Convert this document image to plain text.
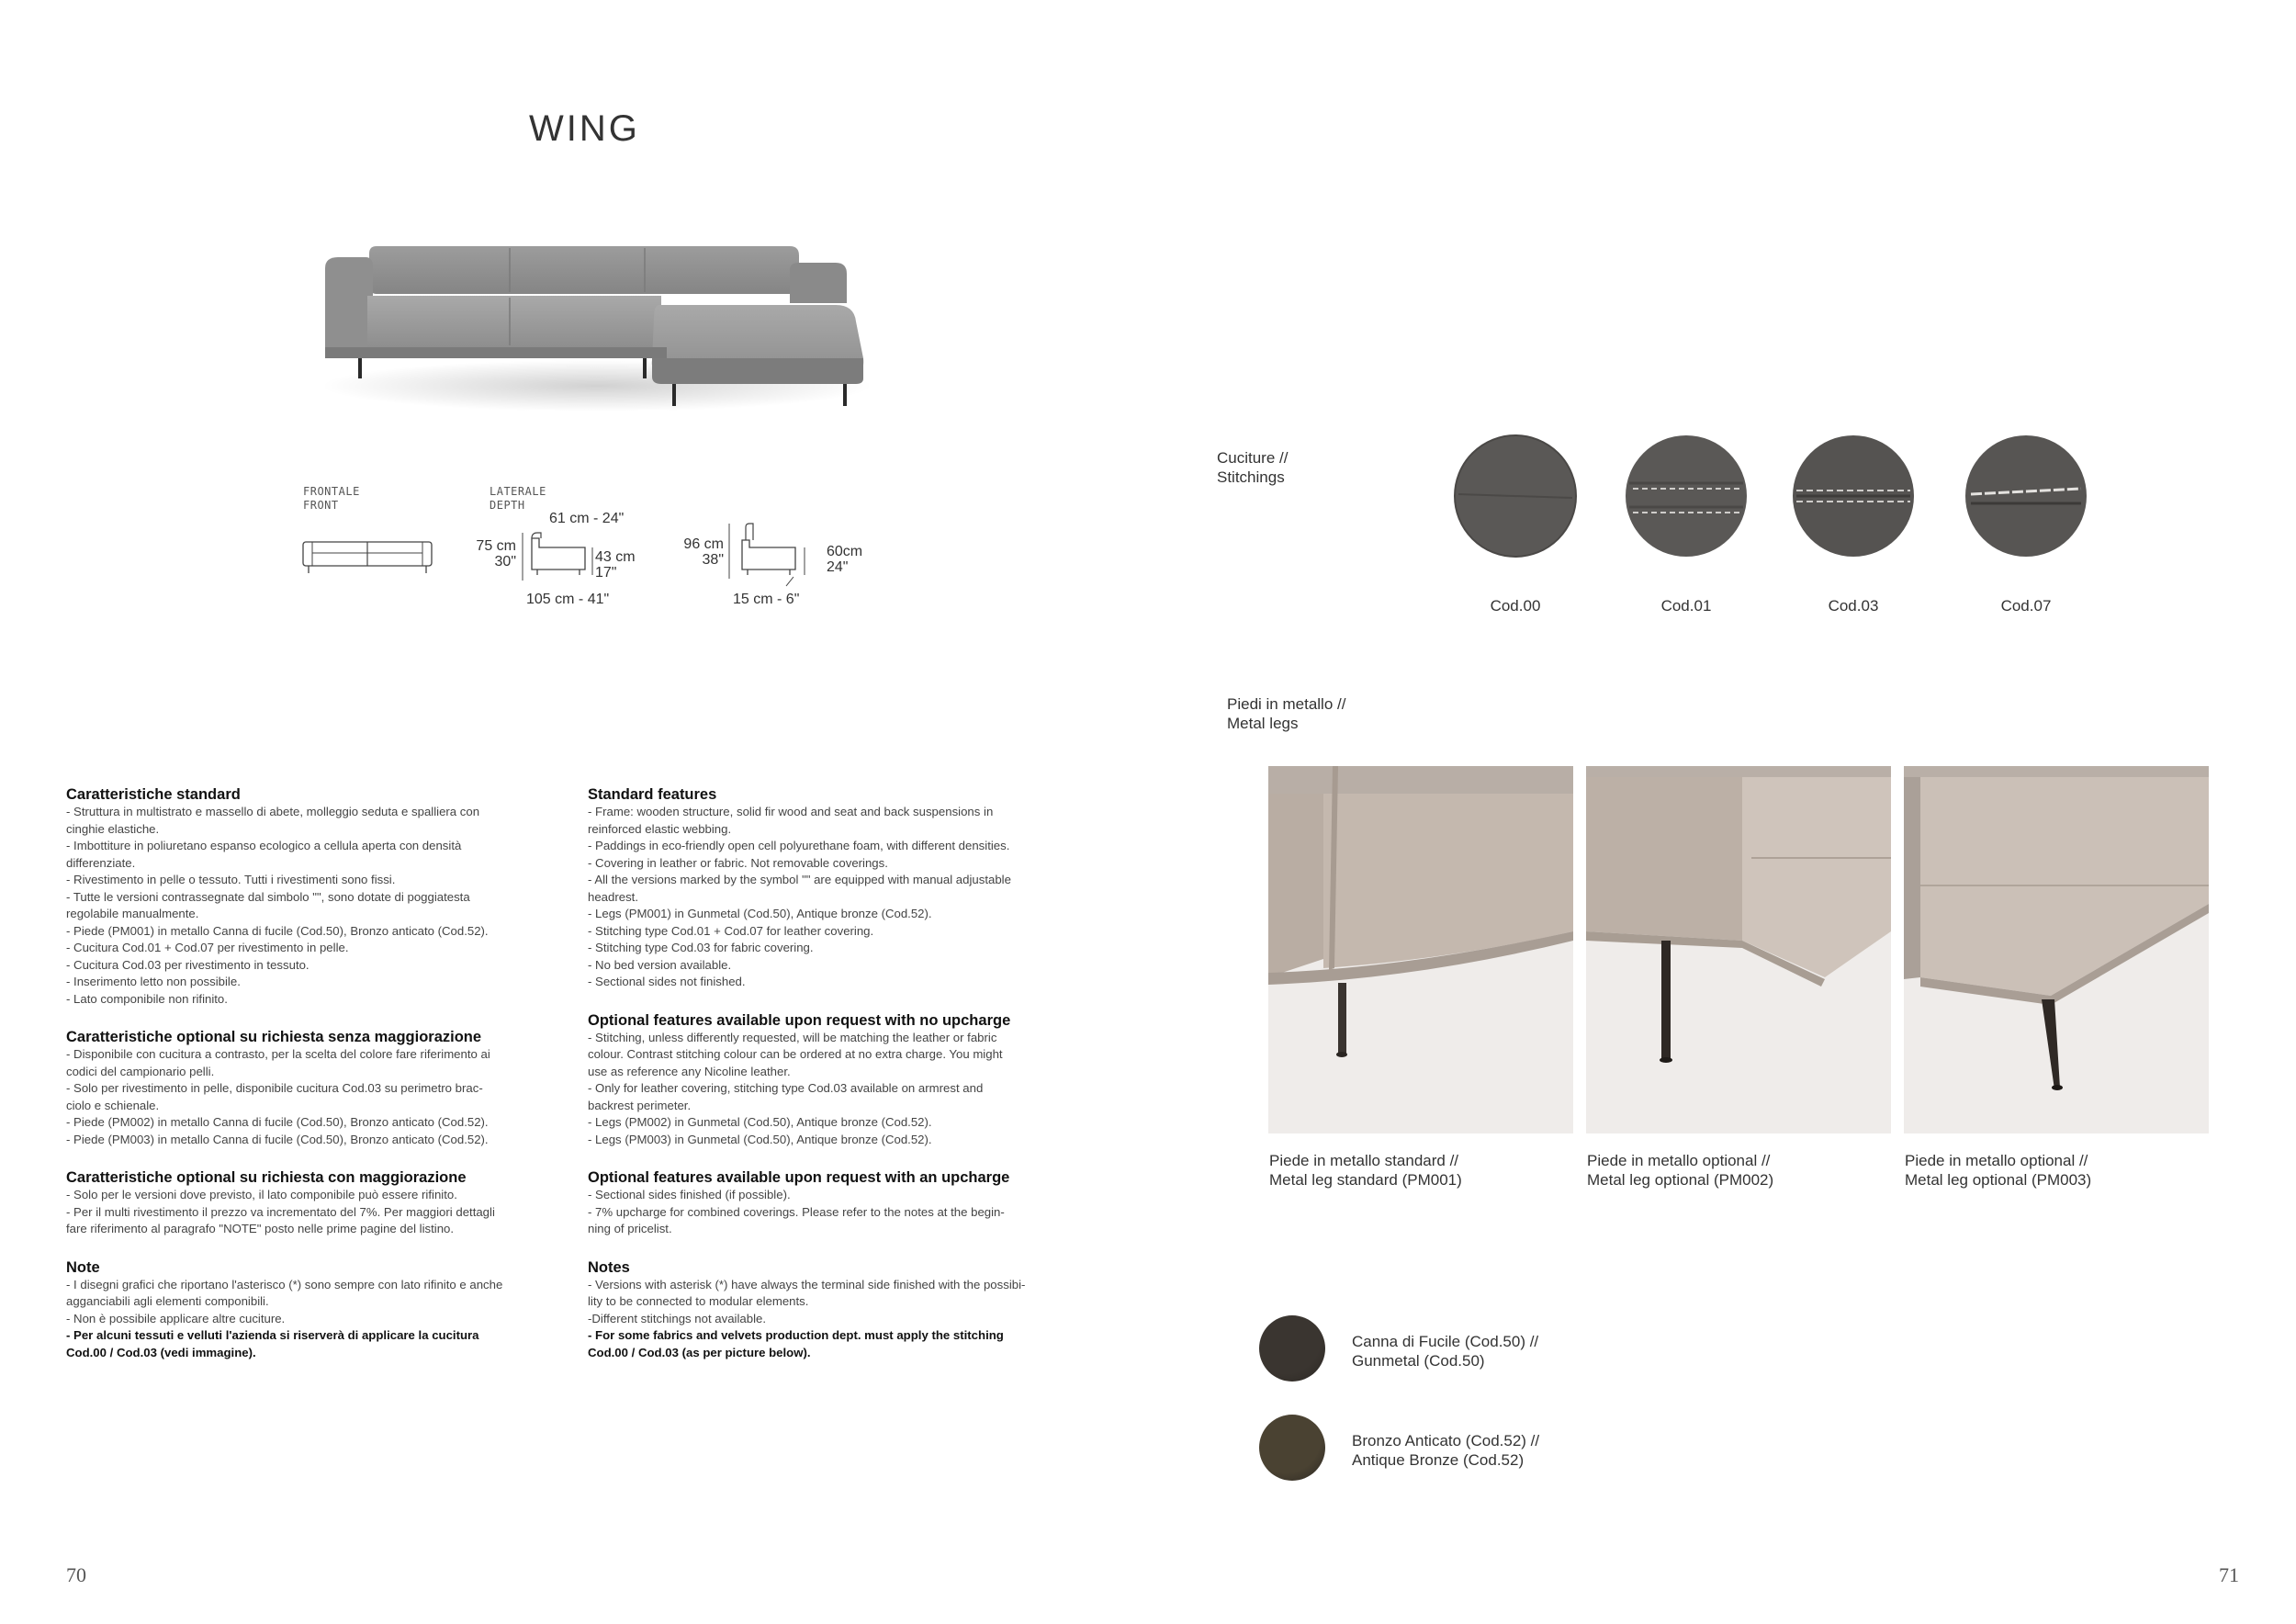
WING
FRONTALE
FRONT
LATERALE
DEPTH
61 cm - 24"
75 cm
30"	43 cm
17"
105 cm - 41"
96 cm
38"
60cm
24"
15 cm - 6"
Caratteristiche standard
- Struttura in multistrato e massello di abete, molleggio seduta e spalliera con
cinghie elastiche.
- Imbottiture in poliuretano espanso ecologico a cellula aperta con densità
differenziate.
- Rivestimento in pelle o tessuto. Tutti i rivestimenti sono fissi.
- Tutte le versioni contrassegnate dal simbolo "", sono dotate di poggiatesta
regolabile manualmente.
- Piede (PM001) in metallo Canna di fucile (Cod.50), Bronzo anticato (Cod.52).
- Cucitura Cod.01 + Cod.07 per rivestimento in pelle.
- Cucitura Cod.03 per rivestimento in tessuto.
- Inserimento letto non possibile.
- Lato componibile non rifinito.
Caratteristiche optional su richiesta senza maggiorazione
- Disponibile con cucitura a contrasto, per la scelta del colore fare riferimento ai
codici del campionario pelli.
- Solo per rivestimento in pelle, disponibile cucitura Cod.03 su perimetro brac-
ciolo e schienale.
- Piede (PM002) in metallo Canna di fucile (Cod.50), Bronzo anticato (Cod.52).
- Piede (PM003) in metallo Canna di fucile (Cod.50), Bronzo anticato (Cod.52).
Caratteristiche optional su richiesta con maggiorazione
- Solo per le versioni dove previsto, il lato componibile può essere rifinito.
- Per il multi rivestimento il prezzo va incrementato del 7%. Per maggiori dettagli
fare riferimento al paragrafo "NOTE" posto nelle prime pagine del listino.
Note
- I disegni grafici che riportano l'asterisco (*) sono sempre con lato rifinito e anche
agganciabili agli elementi componibili.
- Non è possibile applicare altre cuciture.
- Per alcuni tessuti e velluti l'azienda si riserverà di applicare la cucitura
Cod.00 / Cod.03 (vedi immagine).
Standard features
- Frame: wooden structure, solid fir wood and seat and back suspensions in
reinforced elastic webbing.
- Paddings in eco-friendly open cell polyurethane foam, with different densities.
- Covering in leather or fabric. Not removable coverings.
- All the versions marked by the symbol "" are equipped with manual adjustable
headrest.
- Legs (PM001) in Gunmetal (Cod.50), Antique bronze (Cod.52).
- Stitching type Cod.01 + Cod.07 for leather covering.
- Stitching type Cod.03 for fabric covering.
- No bed version available.
- Sectional sides not finished.
Optional features available upon request with no upcharge
- Stitching, unless differently requested, will be matching the leather or fabric
colour. Contrast stitching colour can be ordered at no extra charge. You might
use as reference any Nicoline leather.
- Only for leather covering, stitching type Cod.03 available on armrest and
backrest perimeter.
- Legs (PM002) in Gunmetal (Cod.50), Antique bronze (Cod.52).
- Legs (PM003) in Gunmetal (Cod.50), Antique bronze (Cod.52).
Optional features available upon request with an upcharge
- Sectional sides finished (if possible).
- 7% upcharge for combined coverings. Please refer to the notes at the begin-
ning of pricelist.
Notes
- Versions with asterisk (*) have always the terminal side finished with the possibi-
lity to be connected to modular elements.
-Different stitchings not available.
- For some fabrics and velvets production dept. must apply the stitching
Cod.00 / Cod.03 (as per picture below).
70
Cuciture //
Stitchings
Cod.00	Cod.01	Cod.03	Cod.07
Piedi in metallo //
Metal legs
Piede in metallo standard //
Metal leg standard (PM001)
Piede in metallo optional //
Metal leg optional (PM002)
Piede in metallo optional //
Metal leg optional (PM003)
Canna di Fucile (Cod.50) //
Gunmetal (Cod.50)
Bronzo Anticato (Cod.52) //
Antique Bronze (Cod.52)
71
